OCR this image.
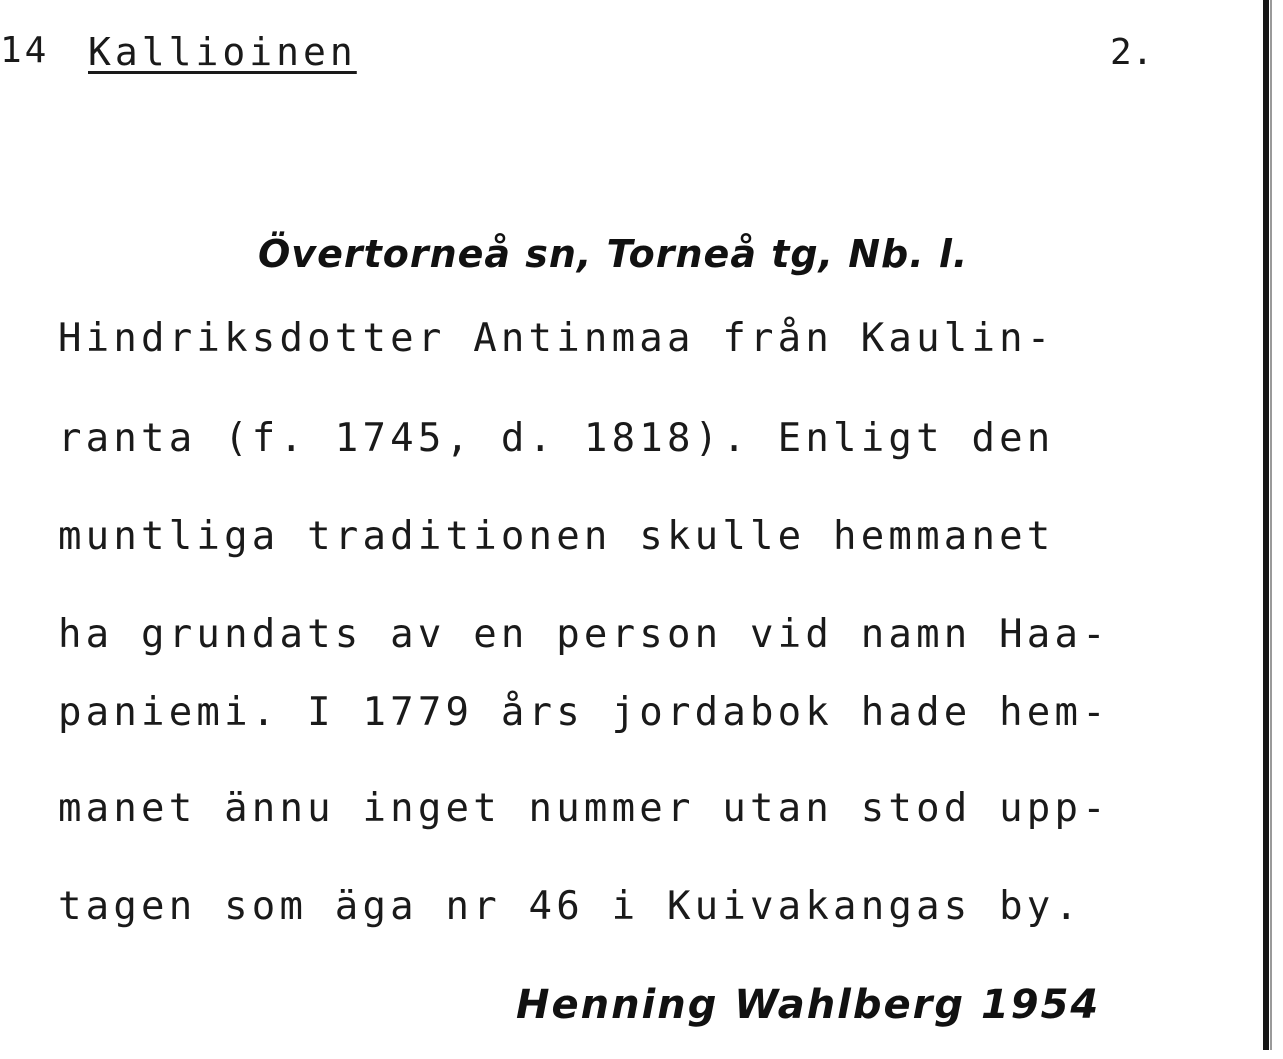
14 Kallioinen	2.

Övertorneå sn, Torneå tg, Nb. l.

Hindriksdotter Antinmaa från Kaulin-

ranta (f. 1745, d. 1818). Enligt den

muntliga traditionen skulle hemmanet

ha grundats av en person vid namn Haa-

paniemi. I 1779 års jordabok hade hem-

manet ännu inget nummer utan stod upp-

tagen som äga nr 46 i Kuivakangas by.

Henning Wahlberg 1954
